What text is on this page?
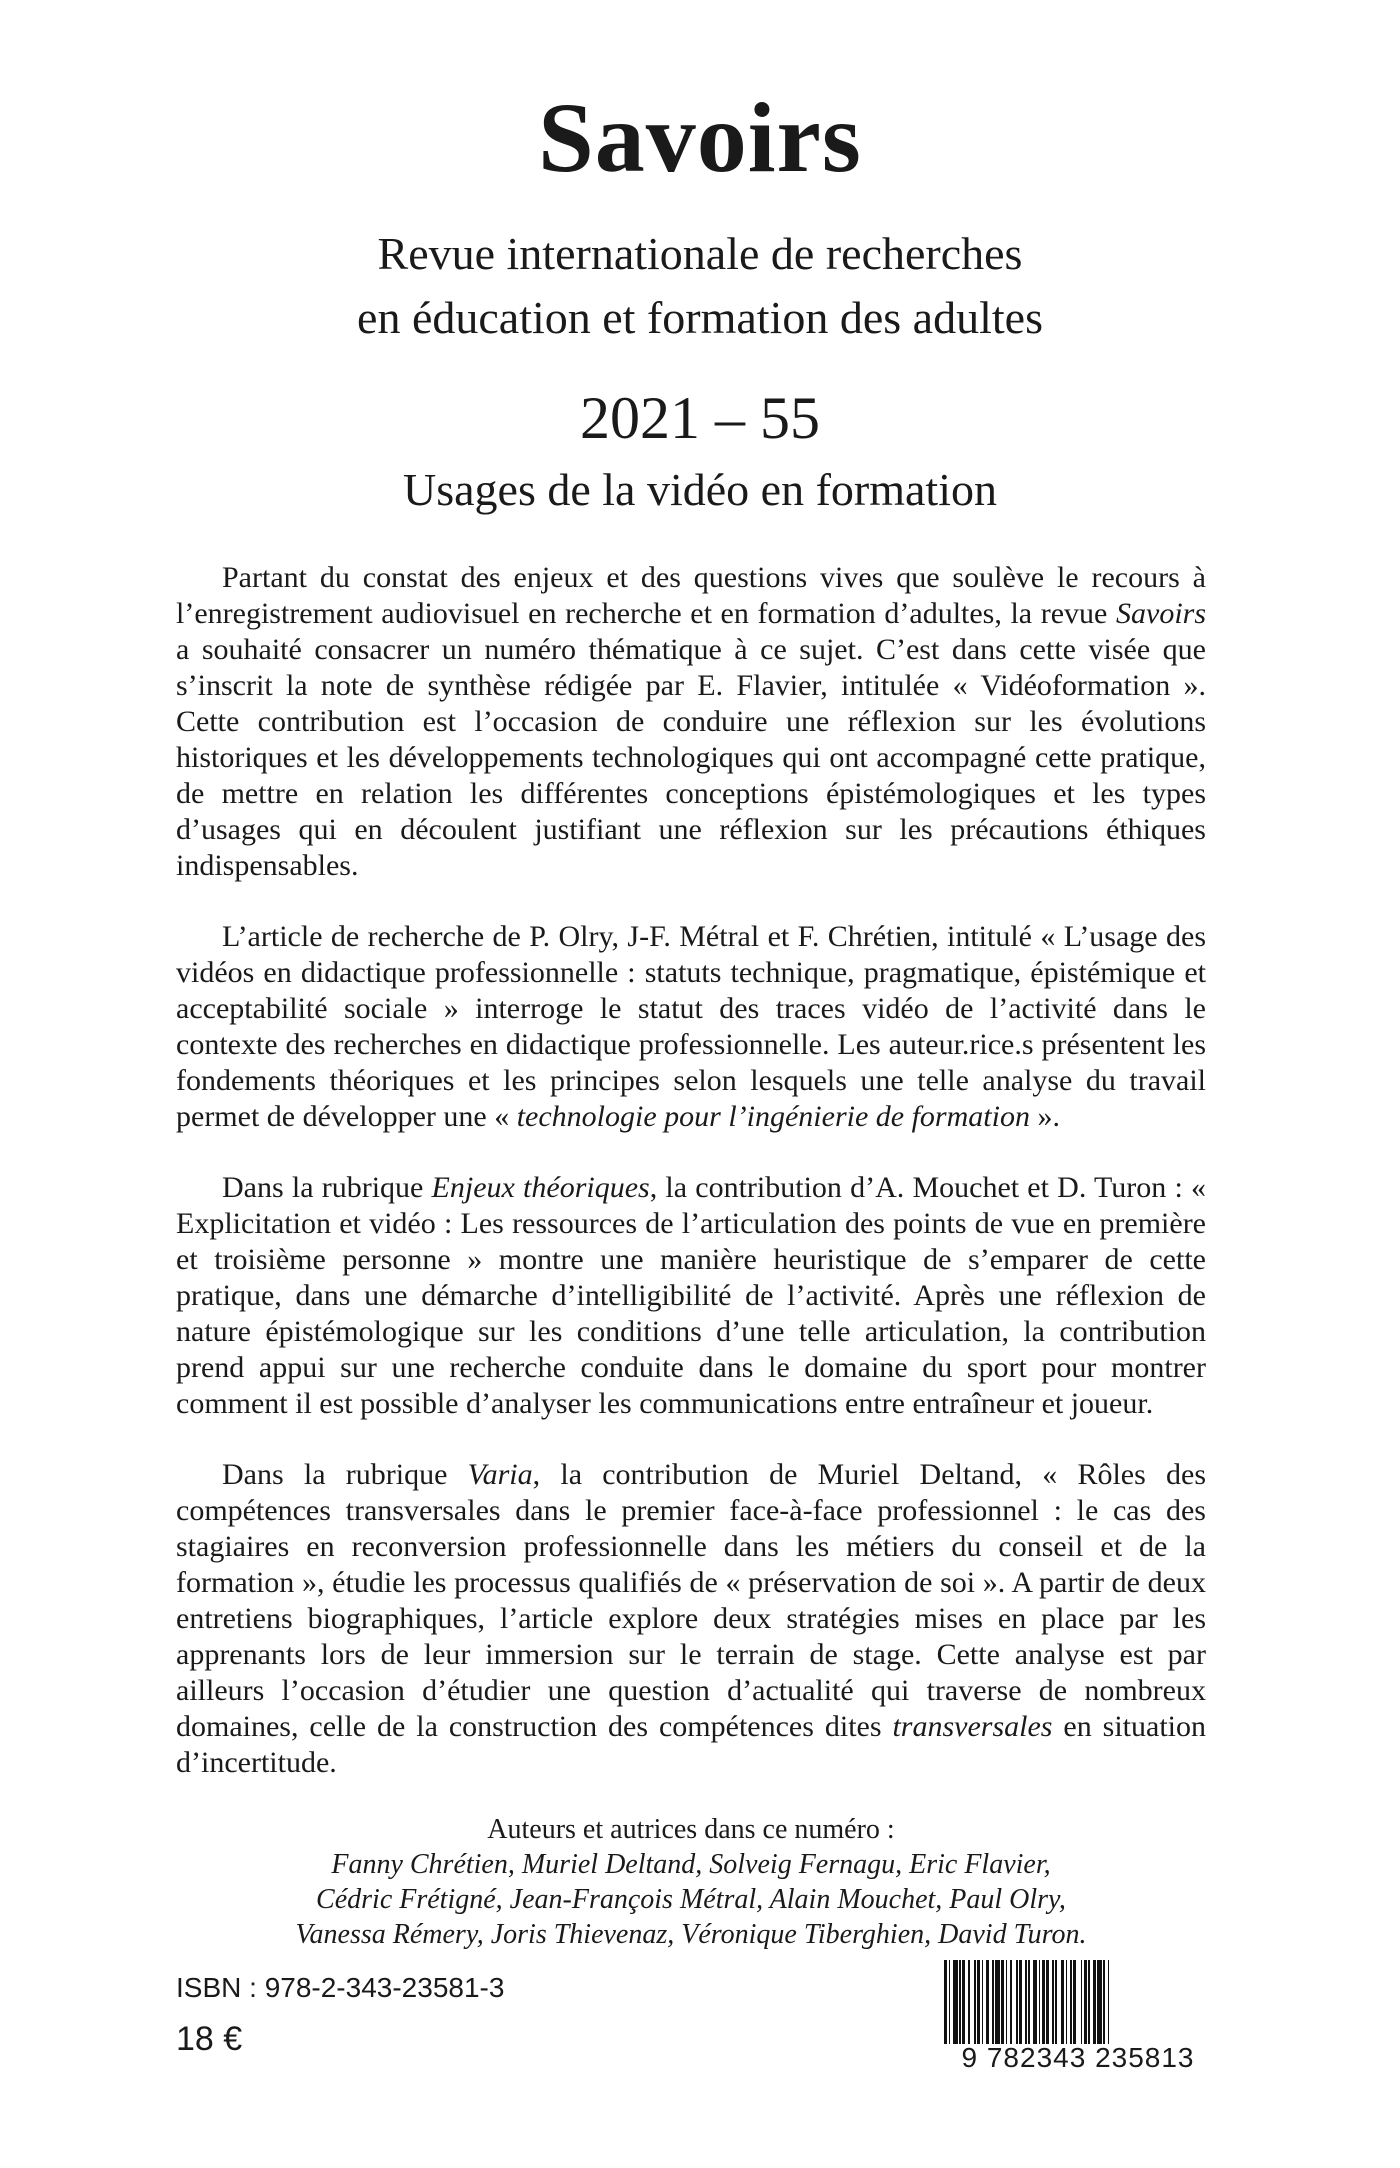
Savoirs
Revue internationale de recherches
en éducation et formation des adultes
2021 – 55
Usages de la vidéo en formation

Partant du constat des enjeux et des questions vives que soulève le recours à l’enregistrement audiovisuel en recherche et en formation d’adultes, la revue Savoirs a souhaité consacrer un numéro thématique à ce sujet. C’est dans cette visée que s’inscrit la note de synthèse rédigée par E. Flavier, intitulée « Vidéoformation ». Cette contribution est l’occasion de conduire une réflexion sur les évolutions historiques et les développements technologiques qui ont accompagné cette pratique, de mettre en relation les différentes conceptions épistémologiques et les types d’usages qui en découlent justifiant une réflexion sur les précautions éthiques indispensables.

L’article de recherche de P. Olry, J-F. Métral et F. Chrétien, intitulé « L’usage des vidéos en didactique professionnelle : statuts technique, pragmatique, épistémique et acceptabilité sociale » interroge le statut des traces vidéo de l’activité dans le contexte des recherches en didactique professionnelle. Les auteur.rice.s présentent les fondements théoriques et les principes selon lesquels une telle analyse du travail permet de développer une « technologie pour l’ingénierie de formation ».

Dans la rubrique Enjeux théoriques, la contribution d’A. Mouchet et D. Turon : « Explicitation et vidéo : Les ressources de l’articulation des points de vue en première et troisième personne » montre une manière heuristique de s’emparer de cette pratique, dans une démarche d’intelligibilité de l’activité. Après une réflexion de nature épistémologique sur les conditions d’une telle articulation, la contribution prend appui sur une recherche conduite dans le domaine du sport pour montrer comment il est possible d’analyser les communications entre entraîneur et joueur.

Dans la rubrique Varia, la contribution de Muriel Deltand, « Rôles des compétences transversales dans le premier face-à-face professionnel : le cas des stagiaires en reconversion professionnelle dans les métiers du conseil et de la formation », étudie les processus qualifiés de « préservation de soi ». A partir de deux entretiens biographiques, l’article explore deux stratégies mises en place par les apprenants lors de leur immersion sur le terrain de stage. Cette analyse est par ailleurs l’occasion d’étudier une question d’actualité qui traverse de nombreux domaines, celle de la construction des compétences dites transversales en situation d’incertitude.

Auteurs et autrices dans ce numéro :
Fanny Chrétien, Muriel Deltand, Solveig Fernagu, Eric Flavier,
Cédric Frétigné, Jean-François Métral, Alain Mouchet, Paul Olry,
Vanessa Rémery, Joris Thievenaz, Véronique Tiberghien, David Turon.
ISBN : 978-2-343-23581-3
18 €	9 782343 235813
